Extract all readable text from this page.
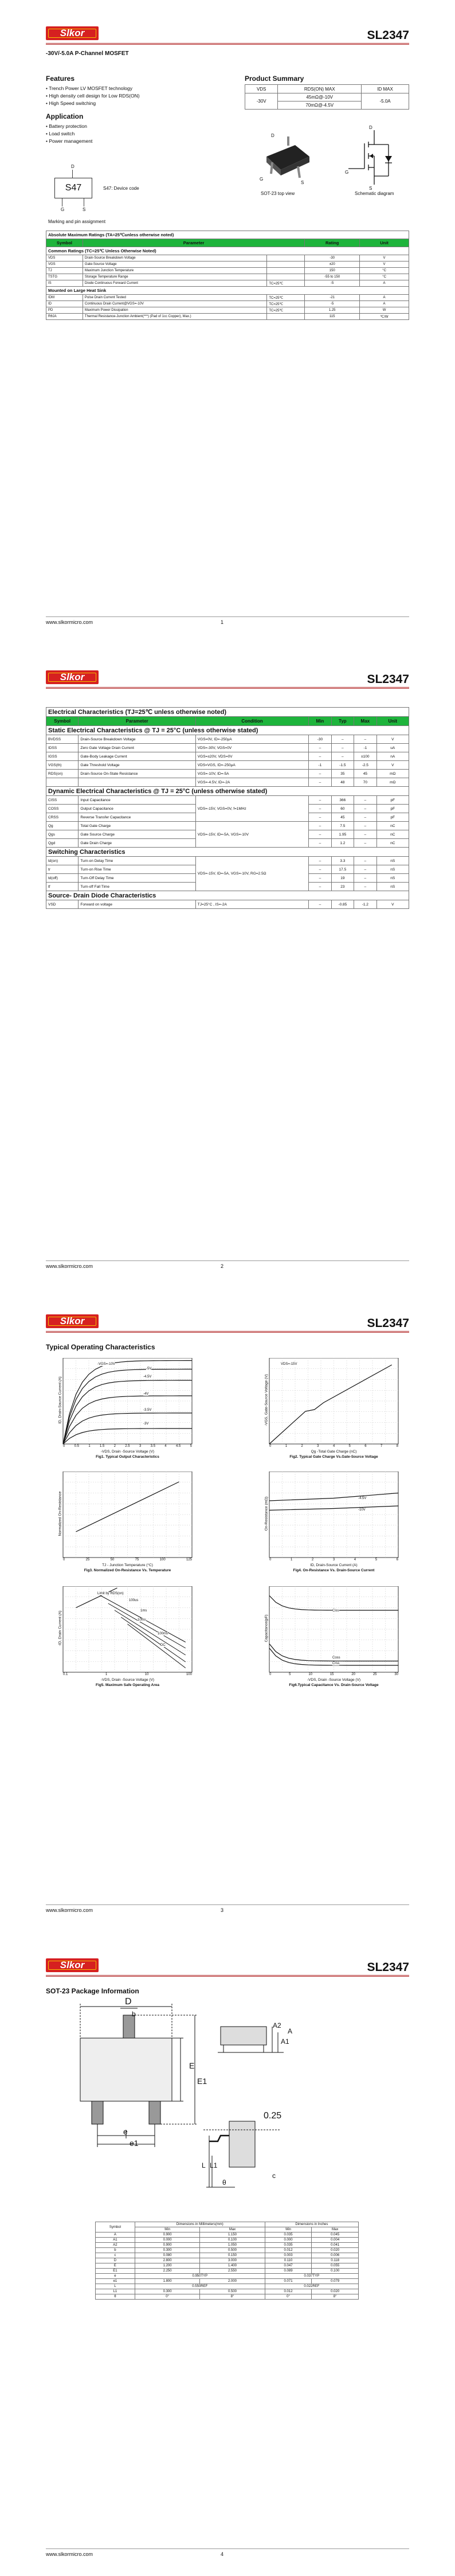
Slkor	SL2347
-30V/-5.0A P-Channel MOSFET
Features
• Trench Power LV MOSFET technology
• High density cell design for Low RDS(ON)
• High Speed switching
Application
• Battery protection
• Load switch
• Power management
Product Summary
VDS	RDS(ON) MAX	ID MAX
-30V	45mΩ@-10V	-5.0A
	70mΩ@-4.5V	
D
G
S
SOT-23 top view
D
G
S
Schematic diagram
D
S47
G	S
S47: Device code
Marking and pin assignment
Absolute Maximum Ratings (TA=25℃unless otherwise noted)				
Symbol	Parameter		Rating	Unit
Common Ratings (TC=25℃ Unless Otherwise Noted)				
VDS	Drain-Source Breakdown Voltage		-30	V
VGS	Gate-Source Voltage		±20	V
TJ	Maximum Junction Temperature		150	°C
TSTG	Storage Temperature Range		-55 to 150	°C
IS	Diode Continuous Forward Current	TC=25℃	-5	A
Mounted on Large Heat Sink				
IDM	Pulse Drain Current Tested	TC=25℃	-21	A
ID	Continuous Drain Current@VGS=-10V	TC=25℃	-5	A
PD	Maximum Power Dissipation	TC=25℃	1.25	W
RθJA	Thermal Resistance-Junction Ambient(***) (Pad of 1cc Copper), Max.)		115	℃/W
www.slkormicro.com	1
Slkor	SL2347
Electrical Characteristics (TJ=25℃ unless otherwise noted)						
Symbol	Parameter	Condition	Min	Typ	Max	Unit
Static Electrical Characteristics @ TJ = 25°C (unless otherwise stated)						
BVDSS	Drain-Source Breakdown Voltage	VGS=0V, ID=-250μA	-30	–	–	V
IDSS	Zero Gate Voltage Drain Current	VDS=-30V, VGS=0V	–	–	-1	uA
IGSS	Gate-Body Leakage Current	VGS=±20V, VDS=0V	–	–	±100	nA
VGS(th)	Gate Threshold Voltage	VDS=VGS, ID=-250μA	-1	-1.5	-2.5	V
RDS(on)	Drain-Source On-State Resistance	VGS=-10V, ID=-5A	–	35	45	mΩ
		VGS=-4.5V, ID=-2A	–	48	70	mΩ
Dynamic Electrical Characteristics @ TJ = 25°C (unless otherwise stated)						
CISS	Input Capacitance	VDS=-15V, VGS=0V, f=1MHz	–	366	–	pF
COSS	Output Capacitance		–	60	–	pF
CRSS	Reverse Transfer Capacitance		–	45	–	pF
Qg	Total Gate Charge	VDS=-15V, ID=-5A, VGS=-10V	–	7.5	–	nC
Qgs	Gate Source Charge		–	1.95	–	nC
Qgd	Gate Drain Charge		–	1.2	–	nC
Switching Characteristics						
td(on)	Turn-on Delay Time	VDS=-15V, ID=-5A, VGS=-10V, RG=2.5Ω	–	3.3	–	nS
tr	Turn-on Rise Time		–	17.5	–	nS
td(off)	Turn-Off Delay Time		–	19	–	nS
tf	Turn-off Fall Time		–	23	–	nS
Source- Drain Diode Characteristics						
VSD	Forward on voltage	TJ=25°C , IS=-2A	–	-0.85	-1.2	V
www.slkormicro.com	2
Slkor	SL2347
Typical Operating Characteristics
-VGS=-10V
-5V
-4.5V
-4V
-3.5V
-3V
0	0.5	1	1.5	2	2.5	3	3.5	4	4.5	5
ID, Drain-Source Current (A)
-VDS, Drain -Source Voltage (V)
Fig1. Typical Output Characteristics
VDS=-15V
0	1	2	3	4	5	6	7	8
-VGS, Gate-Source Voltage (V)
Qg -Total Gate Charge (nC)
Fig2. Typical Gate Charge Vs.Gate-Source Voltage
0	25	50	75	100	125
Normalized On-Resistance
TJ - Junction Temperature (°C)
Fig3. Normalized On-Resistance Vs. Temperature
-4.5V
-10V
0	1	2	3	4	5	6
On-Resistance (mΩ)
ID, Drain-Source Current (A)
Fig4. On-Resistance Vs. Drain-Source Current
Limit by RDS(on)
100us
1ms
10ms
100ms
DC
0.1	1	10	100
-ID, Drain Current (A)
-VDS, Drain -Source Voltage (V)
Fig5. Maximum Safe Operating Area
Ciss
Coss
Crss
0	5	10	15	20	25	30
Capacitance(pF)
-VDS, Drain -Source Voltage (V)
Fig6.Typical Capacitance Vs. Drain-Source Voltage
www.slkormicro.com	3
Slkor	SL2347
SOT-23 Package Information
D
b
E
E1
e
e1
A
A1
A2
0.25
L L1
θ
c
Symbol	Dimensions in Millimeters(mm)		Dimensions in Inches	
	Min	Max	Min	Max
A	0.900	1.150	0.035	0.045
A1	0.000	0.100	0.000	0.004
A2	0.900	1.050	0.035	0.041
b	0.300	0.500	0.012	0.020
c	0.080	0.150	0.003	0.006
D	2.800	3.000	0.110	0.118
E	1.200	1.400	0.047	0.055
E1	2.250	2.550	0.089	0.100
e	0.950TYP		0.037TYP	
e1	1.800	2.000	0.071	0.079
L	0.550REF		0.022REF	
L1	0.300	0.500	0.012	0.020
θ	0°	8°	0°	8°
www.slkormicro.com	4
